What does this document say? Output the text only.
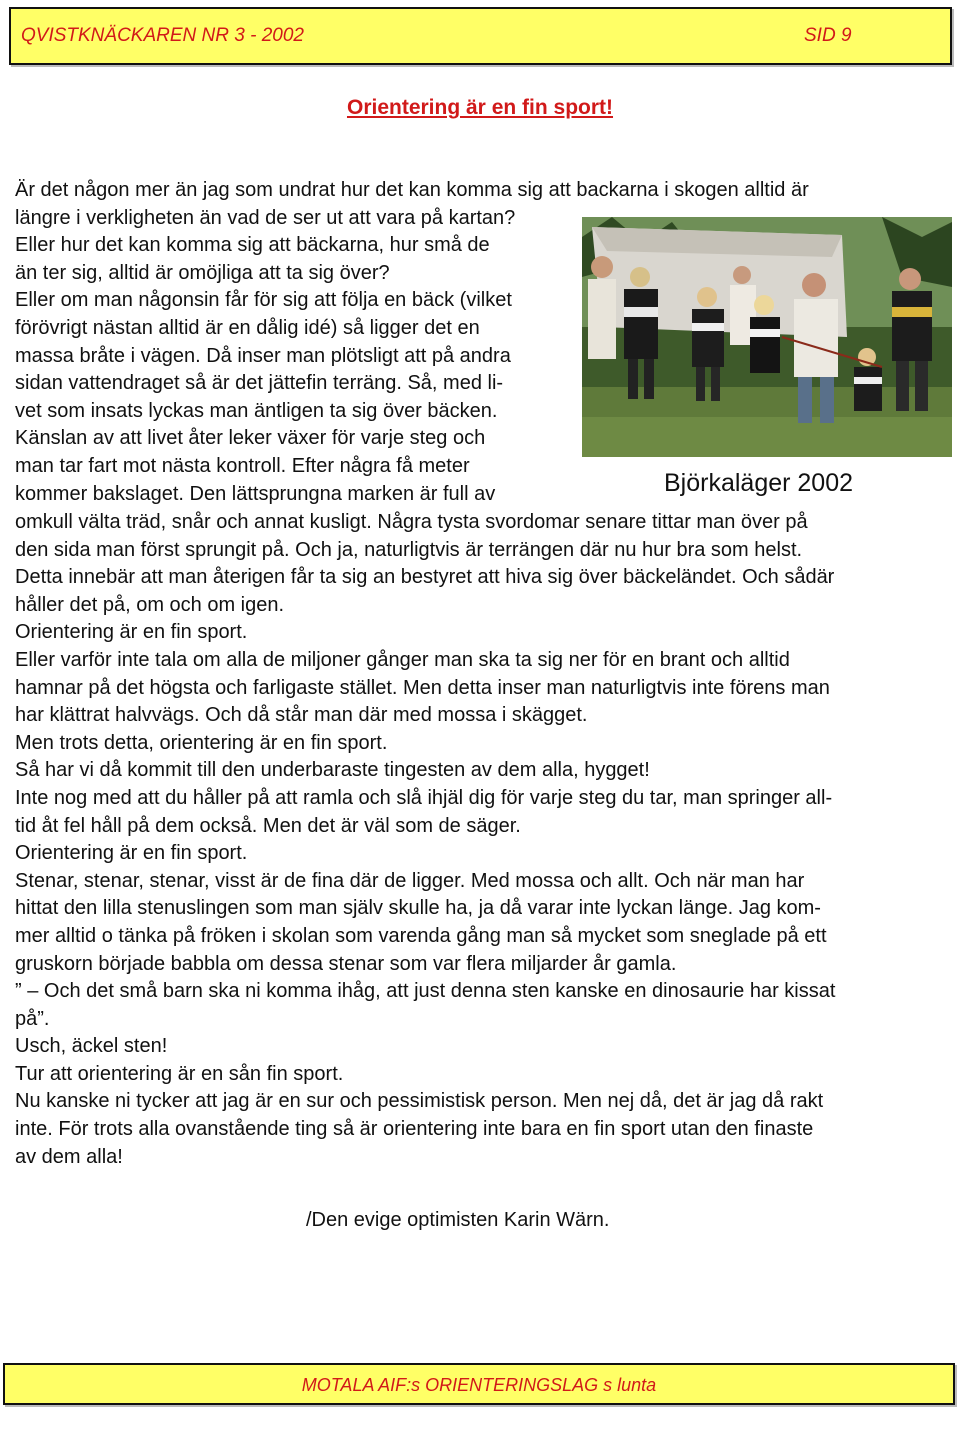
QVISTKNÄCKAREN NR 3 - 2002	SID 9
Orientering är en fin sport!
Är det någon mer än jag som undrat hur det kan komma sig att backarna i skogen alltid är
längre i verkligheten än vad de ser ut att vara på kartan?
Eller hur det kan komma sig att bäckarna, hur små de
än ter sig, alltid är omöjliga att ta sig över?
Eller om man någonsin får för sig att följa en bäck (vilket
förövrigt nästan alltid är en dålig idé) så ligger det en
massa bråte i vägen. Då inser man plötsligt att på andra
sidan vattendraget så är det jättefin terräng. Så, med li-
vet som insats lyckas man äntligen ta sig över bäcken.
Känslan av att livet åter leker växer för varje steg och
man tar fart mot nästa kontroll. Efter några få meter
kommer bakslaget. Den lättsprungna marken är full av
omkull välta träd, snår och annat kusligt. Några tysta svordomar senare tittar man över på
den sida man först sprungit på. Och ja, naturligtvis är terrängen där nu hur bra som helst.
Detta innebär att man återigen får ta sig an bestyret att hiva sig över bäckeländet. Och sådär
håller det på, om och om igen.
Orientering är en fin sport.
Eller varför inte tala om alla de miljoner gånger man ska ta sig ner för en brant och alltid
hamnar på det högsta och farligaste stället. Men detta inser man naturligtvis inte förens man
har klättrat halvvägs. Och då står man där med mossa i skägget.
Men trots detta, orientering är en fin sport.
Så har vi då kommit till den underbaraste tingesten av dem alla, hygget!
Inte nog med att du håller på att ramla och slå ihjäl dig för varje steg du tar, man springer all-
tid åt fel håll på dem också. Men det är väl som de säger.
Orientering är en fin sport.
Stenar, stenar, stenar, visst är de fina där de ligger. Med mossa och allt. Och när man har
hittat den lilla stenuslingen som man själv skulle ha, ja då varar inte lyckan länge. Jag kom-
mer alltid o tänka på fröken i skolan som varenda gång man så mycket som sneglade på ett
gruskorn började babbla om dessa stenar som var flera miljarder år gamla.
” – Och det små barn ska ni komma ihåg, att just denna sten kanske en dinosaurie har kissat
på”.
Usch, äckel sten!
Tur att orientering är en sån fin sport.
Nu kanske ni tycker att jag är en sur och pessimistisk person. Men nej då, det är jag då rakt
inte. För trots alla ovanstående ting så är orientering inte bara en fin sport utan den finaste
av dem alla!
Björkaläger 2002
/Den evige optimisten Karin Wärn.
MOTALA AIF:s ORIENTERINGSLAG s lunta
